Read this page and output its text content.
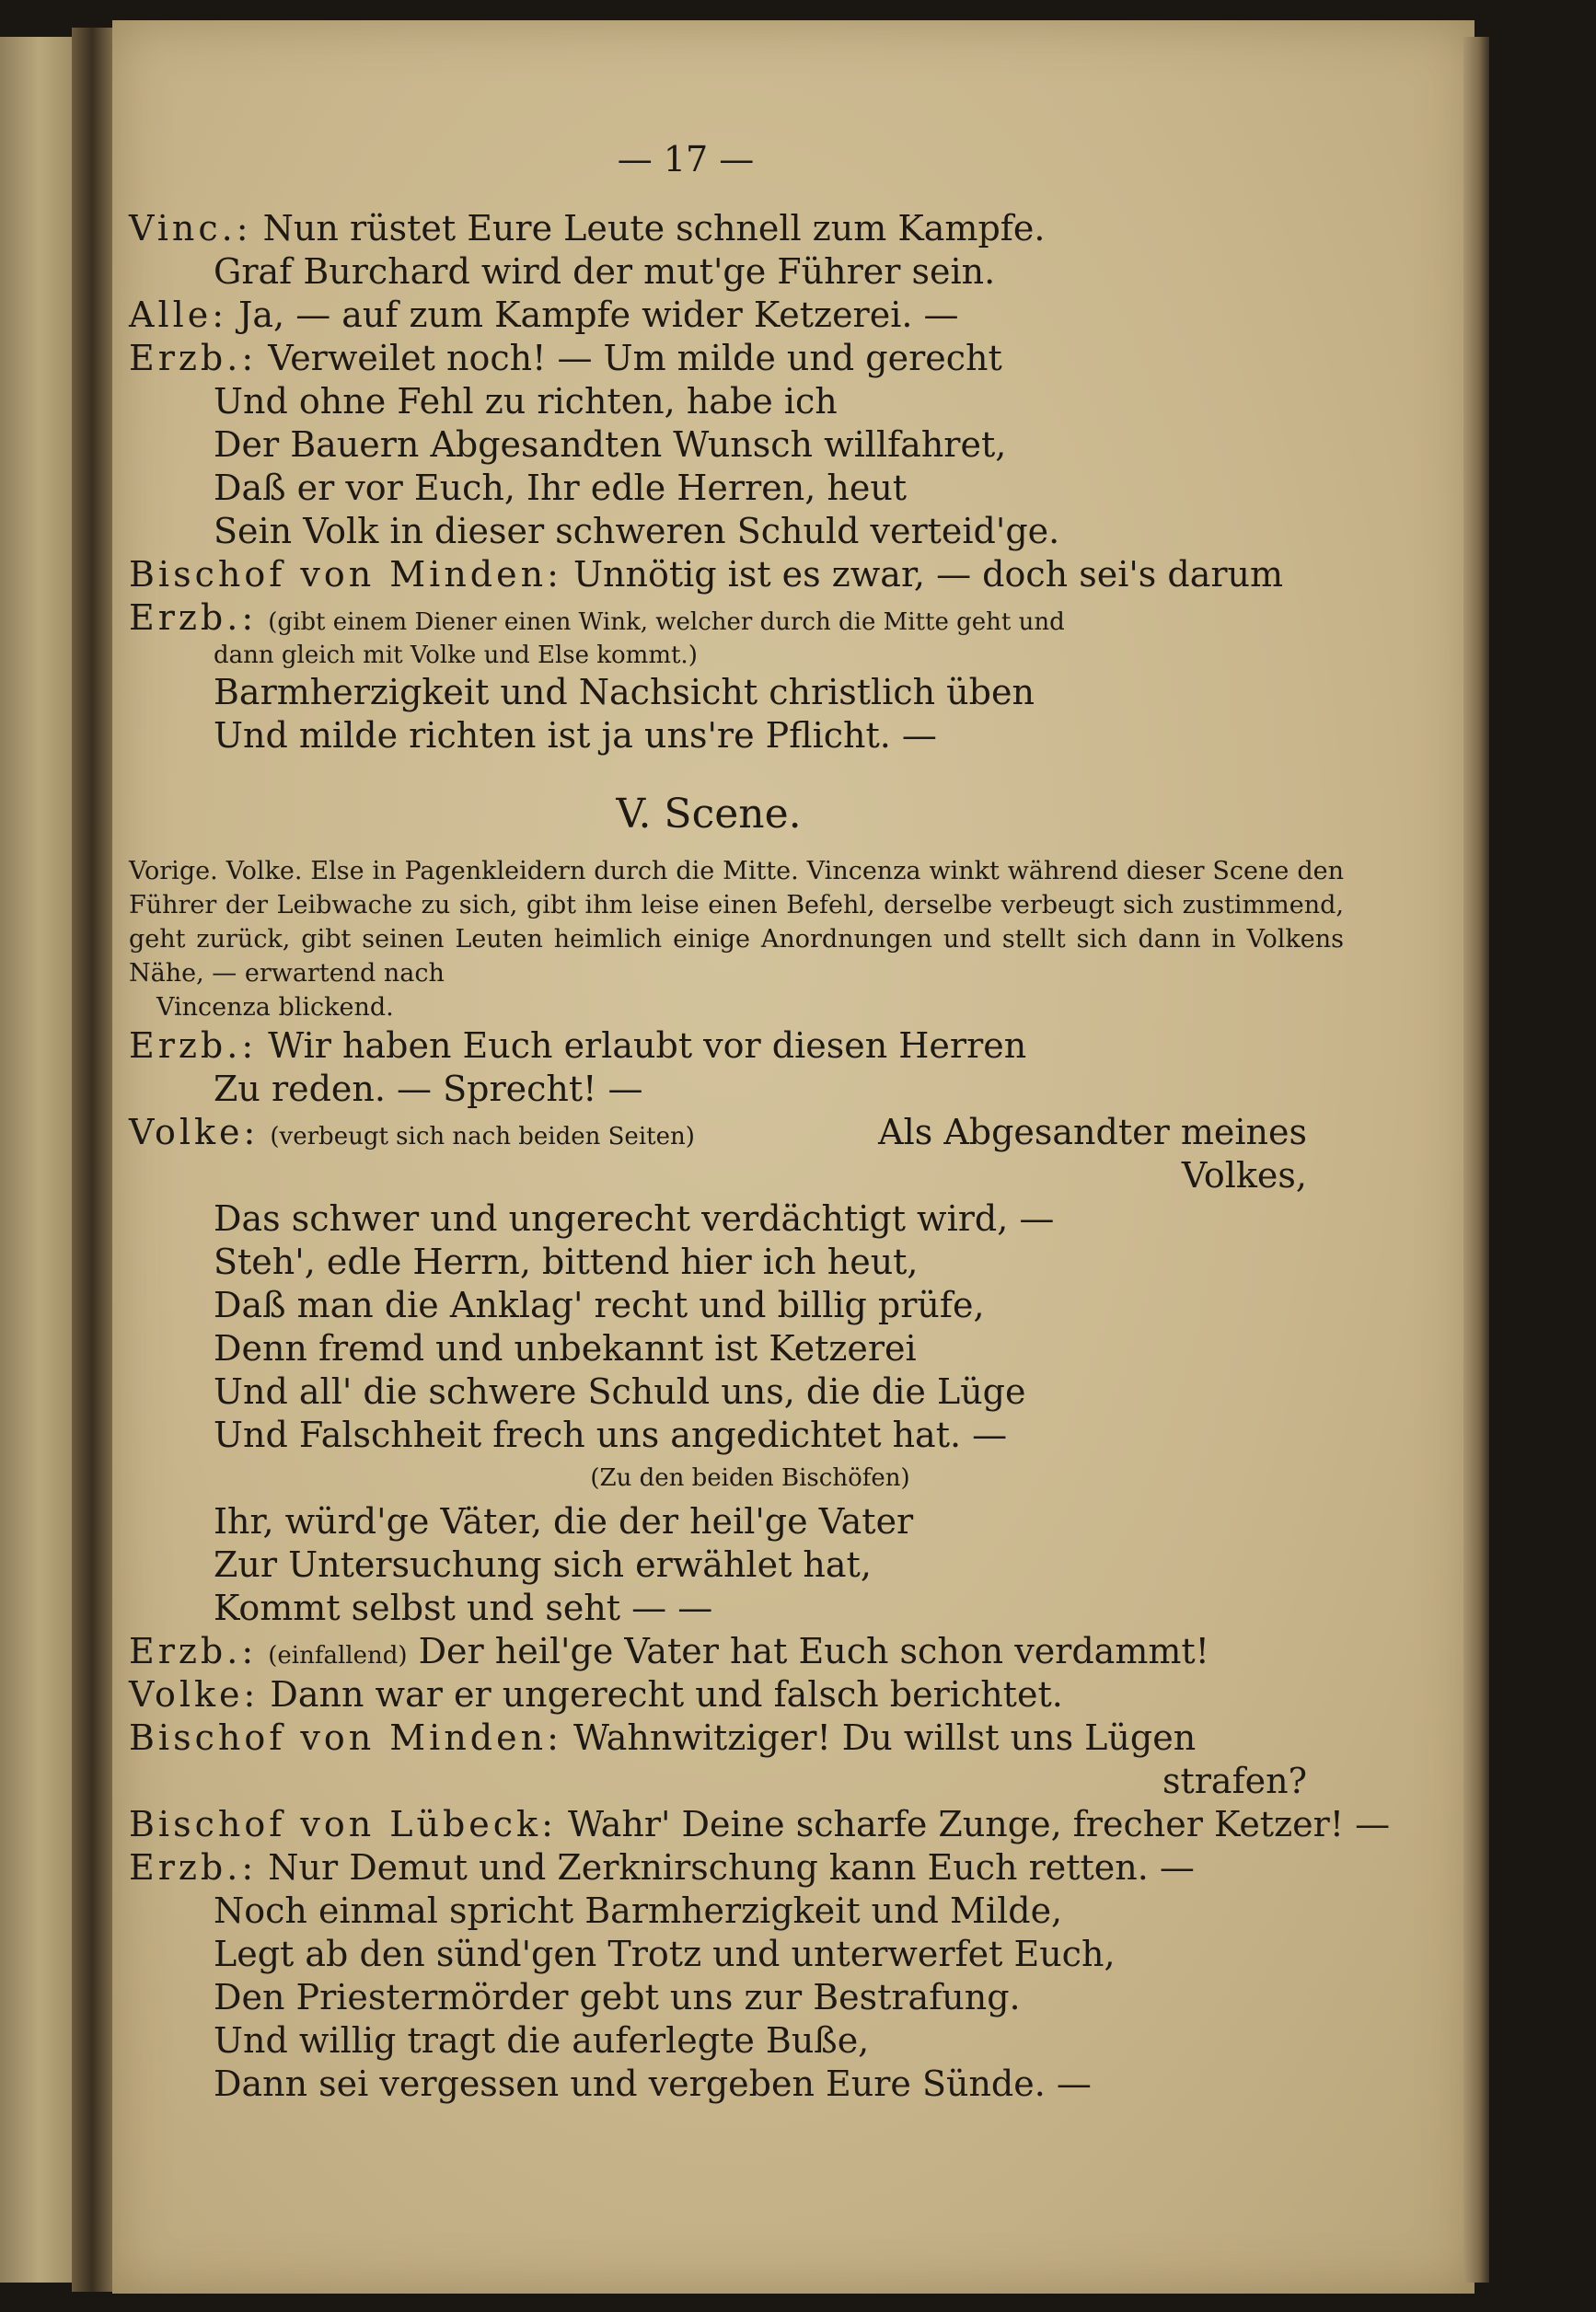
— 17 —
Vinc.: Nun rüstet Eure Leute schnell zum Kampfe.
Graf Burchard wird der mut'ge Führer sein.
Alle: Ja, — auf zum Kampfe wider Ketzerei. —
Erzb.: Verweilet noch! — Um milde und gerecht
Und ohne Fehl zu richten, habe ich
Der Bauern Abgesandten Wunsch willfahret,
Daß er vor Euch, Ihr edle Herren, heut
Sein Volk in dieser schweren Schuld verteid'ge.
Bischof von Minden: Unnötig ist es zwar, — doch sei's darum
Erzb.: (gibt einem Diener einen Wink, welcher durch die Mitte geht und
dann gleich mit Volke und Else kommt.)
Barmherzigkeit und Nachsicht christlich üben
Und milde richten ist ja uns're Pflicht. —
V. Scene.
Vorige. Volke. Else in Pagenkleidern durch die Mitte. Vincenza winkt während dieser Scene den Führer der Leibwache zu sich, gibt ihm leise einen Befehl, derselbe verbeugt sich zustimmend, geht zurück, gibt seinen Leuten heimlich einige Anordnungen und stellt sich dann in Volkens Nähe, — erwartend nach
Vincenza blickend.
Erzb.: Wir haben Euch erlaubt vor diesen Herren
Zu reden. — Sprecht! —
Volke: (verbeugt sich nach beiden Seiten)	Als Abgesandter meines
Volkes,
Das schwer und ungerecht verdächtigt wird, —
Steh', edle Herrn, bittend hier ich heut,
Daß man die Anklag' recht und billig prüfe,
Denn fremd und unbekannt ist Ketzerei
Und all' die schwere Schuld uns, die die Lüge
Und Falschheit frech uns angedichtet hat. —
(Zu den beiden Bischöfen)
Ihr, würd'ge Väter, die der heil'ge Vater
Zur Untersuchung sich erwählet hat,
Kommt selbst und seht — —
Erzb.: (einfallend) Der heil'ge Vater hat Euch schon verdammt!
Volke: Dann war er ungerecht und falsch berichtet.
Bischof von Minden: Wahnwitziger! Du willst uns Lügen
strafen?
Bischof von Lübeck: Wahr' Deine scharfe Zunge, frecher Ketzer! —
Erzb.: Nur Demut und Zerknirschung kann Euch retten. —
Noch einmal spricht Barmherzigkeit und Milde,
Legt ab den sünd'gen Trotz und unterwerfet Euch,
Den Priestermörder gebt uns zur Bestrafung.
Und willig tragt die auferlegte Buße,
Dann sei vergessen und vergeben Eure Sünde. —
